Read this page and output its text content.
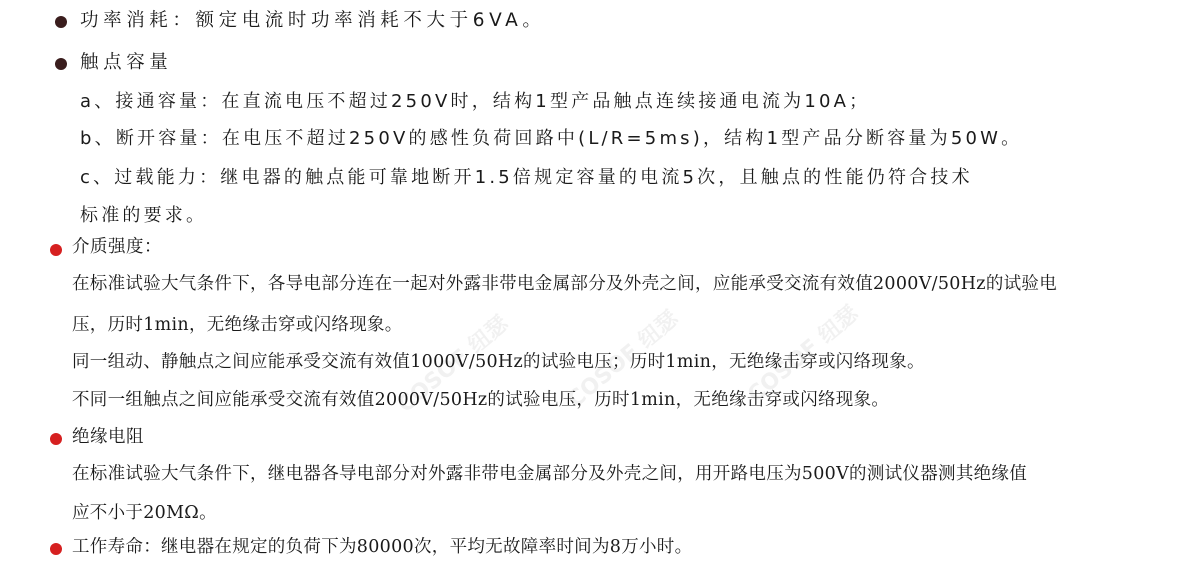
COSOF 纽瑟 COSOF 纽瑟	COSOF 纽瑟
功率消耗：额定电流时功率消耗不大于6VA。
触点容量
a、接通容量：在直流电压不超过250V时，结构1型产品触点连续接通电流为10A；
b、断开容量：在电压不超过250V的感性负荷回路中(L/R=5ms)，结构1型产品分断容量为50W。
c、过载能力：继电器的触点能可靠地断开1.5倍规定容量的电流5次，且触点的性能仍符合技术
标准的要求。
介质强度：
在标准试验大气条件下，各导电部分连在一起对外露非带电金属部分及外壳之间，应能承受交流有效值2000V/50Hz的试验电
压，历时1min，无绝缘击穿或闪络现象。
同一组动、静触点之间应能承受交流有效值1000V/50Hz的试验电压；历时1min，无绝缘击穿或闪络现象。
不同一组触点之间应能承受交流有效值2000V/50Hz的试验电压，历时1min，无绝缘击穿或闪络现象。
绝缘电阻
在标准试验大气条件下，继电器各导电部分对外露非带电金属部分及外壳之间，用开路电压为500V的测试仪器测其绝缘值
应不小于20MΩ。
工作寿命：继电器在规定的负荷下为80000次，平均无故障率时间为8万小时。
